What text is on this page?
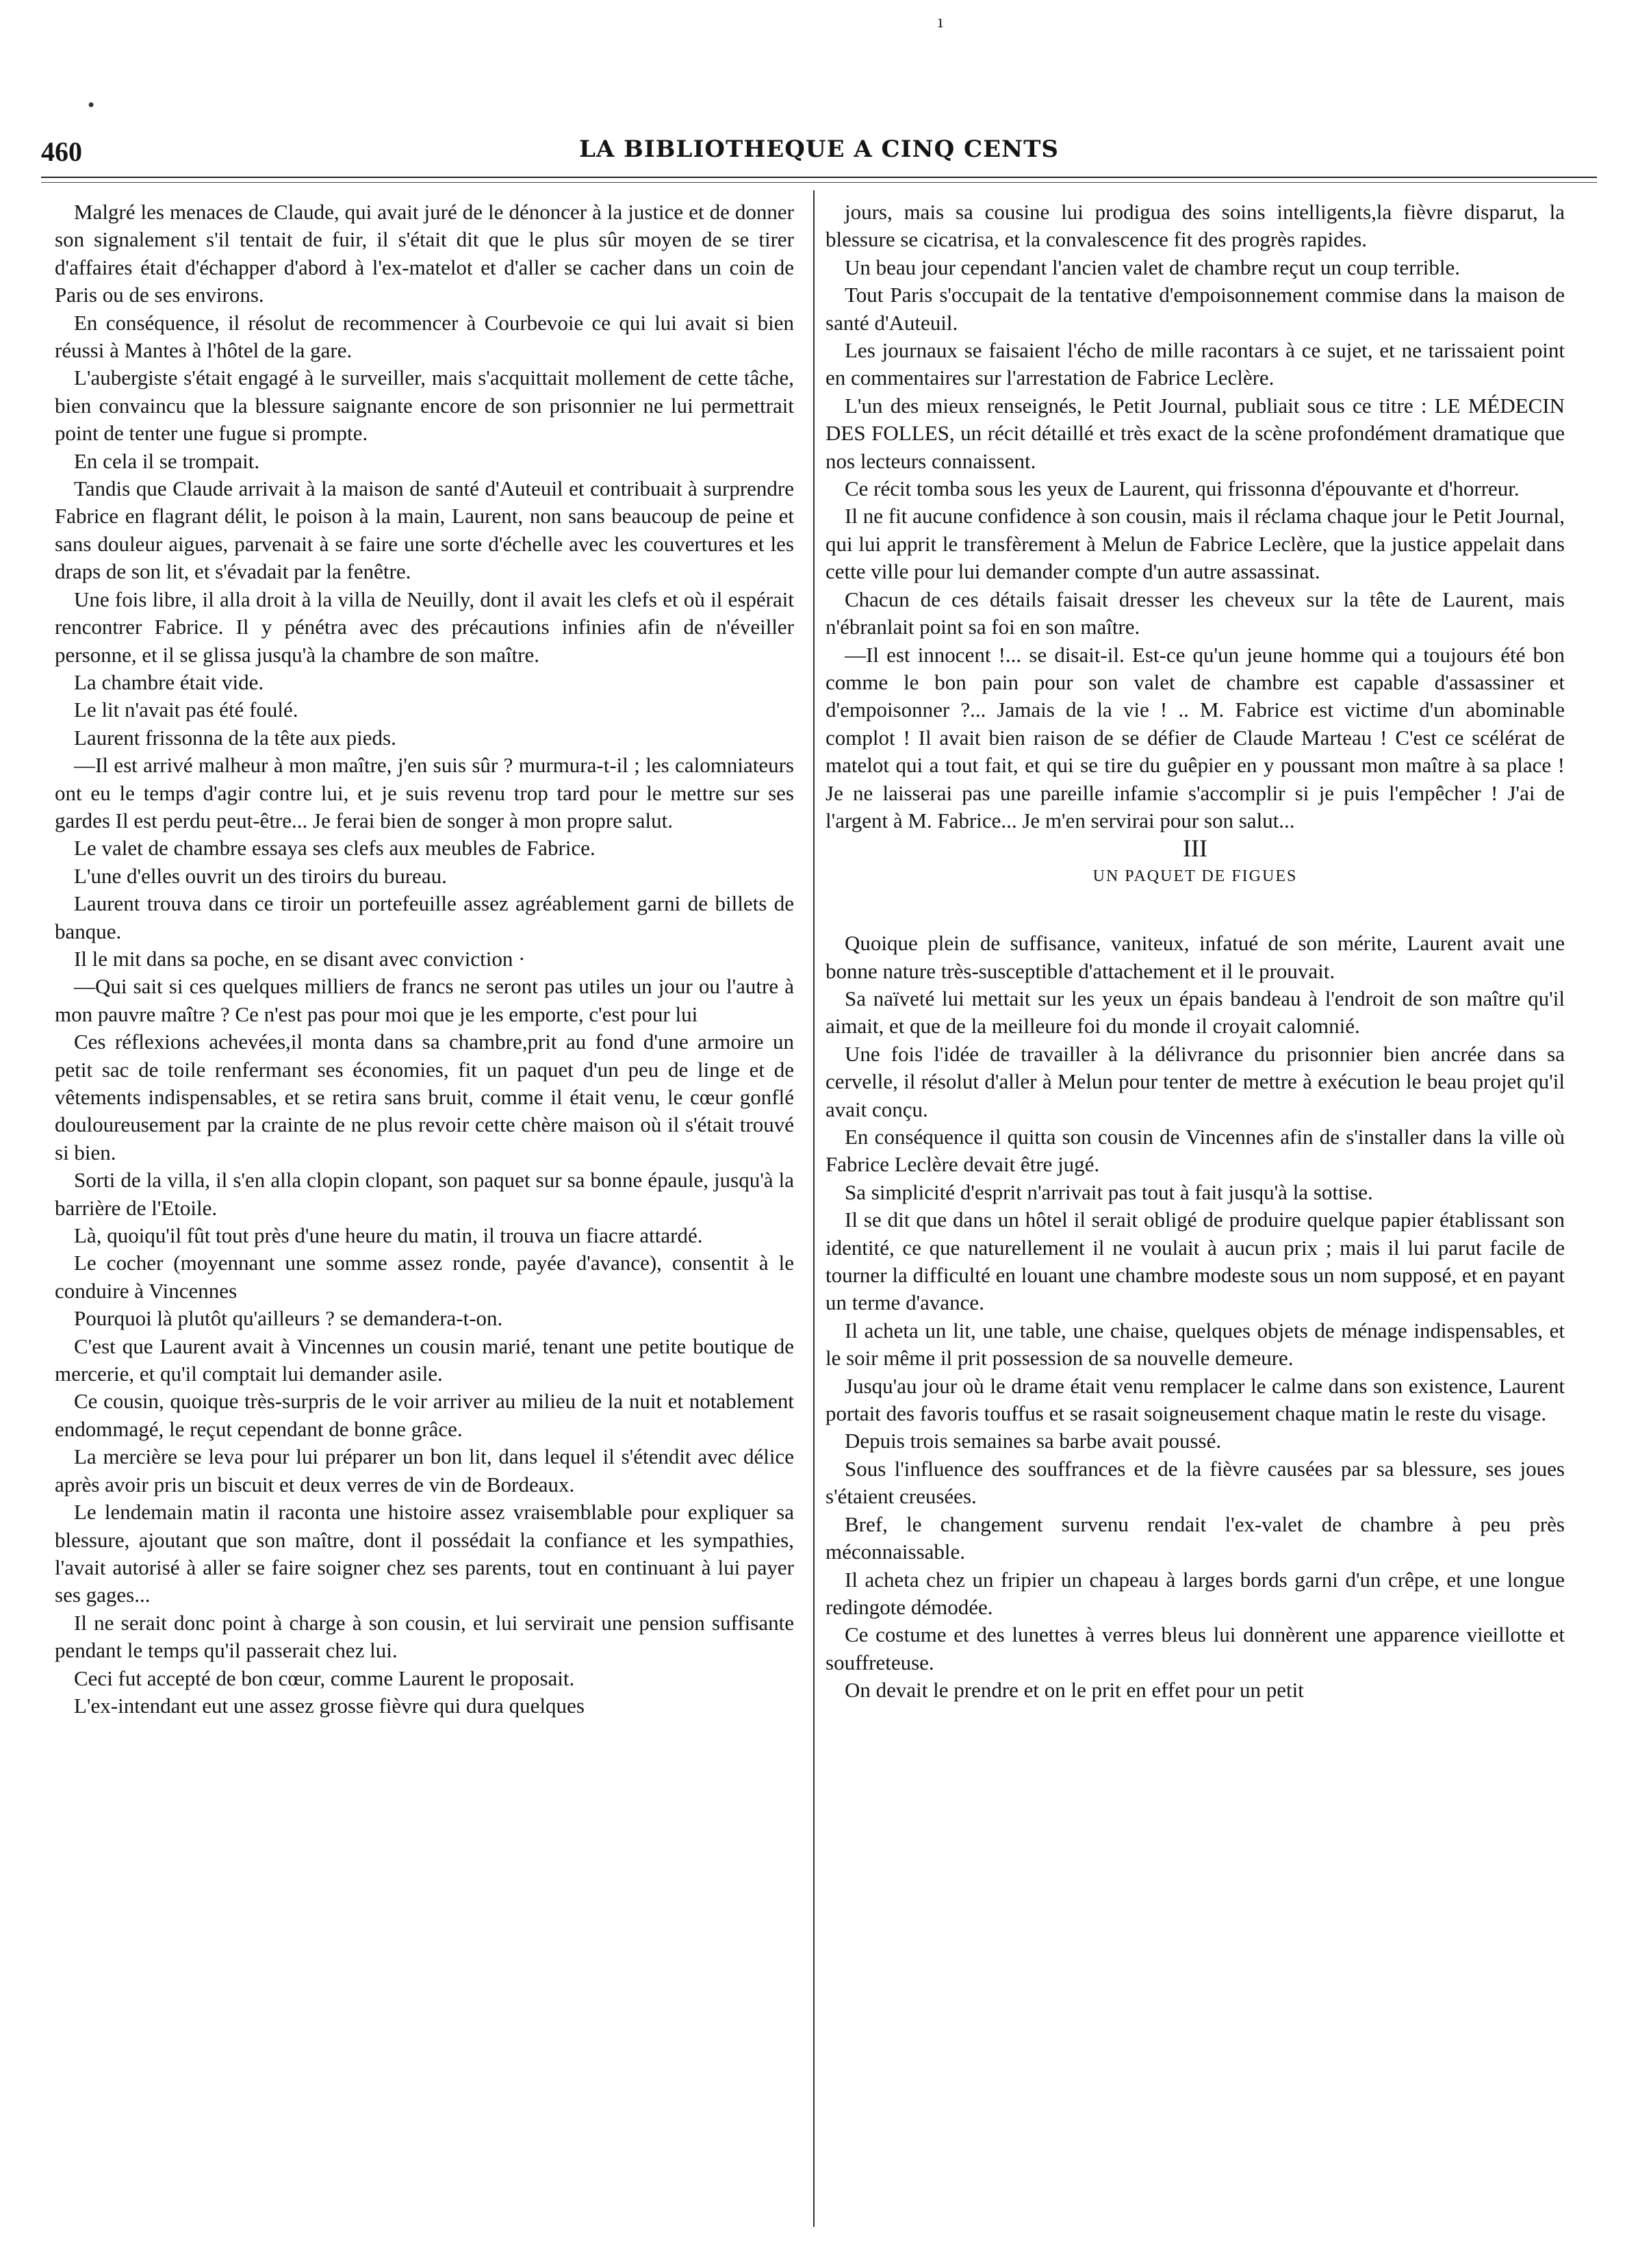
ı
•
460	LA BIBLIOTHEQUE A CINQ CENTS

Malgré les menaces de Claude, qui avait juré de le dénoncer à la justice et de donner son signalement s'il tentait de fuir, il s'était dit que le plus sûr moyen de se tirer d'affaires était d'échapper d'abord à l'ex-matelot et d'aller se cacher dans un coin de Paris ou de ses environs.

En conséquence, il résolut de recommencer à Courbevoie ce qui lui avait si bien réussi à Mantes à l'hôtel de la gare.

L'aubergiste s'était engagé à le surveiller, mais s'acquittait mollement de cette tâche, bien convaincu que la blessure saignante encore de son prisonnier ne lui permettrait point de tenter une fugue si prompte.

En cela il se trompait.

Tandis que Claude arrivait à la maison de santé d'Auteuil et contribuait à surprendre Fabrice en flagrant délit, le poison à la main, Laurent, non sans beaucoup de peine et sans douleur aigues, parvenait à se faire une sorte d'échelle avec les couvertures et les draps de son lit, et s'évadait par la fenêtre.

Une fois libre, il alla droit à la villa de Neuilly, dont il avait les clefs et où il espérait rencontrer Fabrice. Il y pénétra avec des précautions infinies afin de n'éveiller personne, et il se glissa jusqu'à la chambre de son maître.

La chambre était vide.

Le lit n'avait pas été foulé.

Laurent frissonna de la tête aux pieds.

—Il est arrivé malheur à mon maître, j'en suis sûr ? murmura-t-il ; les calomniateurs ont eu le temps d'agir contre lui, et je suis revenu trop tard pour le mettre sur ses gardes Il est perdu peut-être... Je ferai bien de songer à mon propre salut.

Le valet de chambre essaya ses clefs aux meubles de Fabrice.

L'une d'elles ouvrit un des tiroirs du bureau.

Laurent trouva dans ce tiroir un portefeuille assez agréablement garni de billets de banque.

Il le mit dans sa poche, en se disant avec conviction ·

—Qui sait si ces quelques milliers de francs ne seront pas utiles un jour ou l'autre à mon pauvre maître ? Ce n'est pas pour moi que je les emporte, c'est pour lui

Ces réflexions achevées,il monta dans sa chambre,prit au fond d'une armoire un petit sac de toile renfermant ses économies, fit un paquet d'un peu de linge et de vêtements indispensables, et se retira sans bruit, comme il était venu, le cœur gonflé douloureusement par la crainte de ne plus revoir cette chère maison où il s'était trouvé si bien.

Sorti de la villa, il s'en alla clopin clopant, son paquet sur sa bonne épaule, jusqu'à la barrière de l'Etoile.

Là, quoiqu'il fût tout près d'une heure du matin, il trouva un fiacre attardé.

Le cocher (moyennant une somme assez ronde, payée d'avance), consentit à le conduire à Vincennes

Pourquoi là plutôt qu'ailleurs ? se demandera-t-on.

C'est que Laurent avait à Vincennes un cousin marié, tenant une petite boutique de mercerie, et qu'il comptait lui demander asile.

Ce cousin, quoique très-surpris de le voir arriver au milieu de la nuit et notablement endommagé, le reçut cependant de bonne grâce.

La mercière se leva pour lui préparer un bon lit, dans lequel il s'étendit avec délice après avoir pris un biscuit et deux verres de vin de Bordeaux.

Le lendemain matin il raconta une histoire assez vraisemblable pour expliquer sa blessure, ajoutant que son maître, dont il possédait la confiance et les sympathies, l'avait autorisé à aller se faire soigner chez ses parents, tout en continuant à lui payer ses gages...

Il ne serait donc point à charge à son cousin, et lui servirait une pension suffisante pendant le temps qu'il passerait chez lui.

Ceci fut accepté de bon cœur, comme Laurent le proposait.

L'ex-intendant eut une assez grosse fièvre qui dura quelques

jours, mais sa cousine lui prodigua des soins intelligents,la fièvre disparut, la blessure se cicatrisa, et la convalescence fit des progrès rapides.

Un beau jour cependant l'ancien valet de chambre reçut un coup terrible.

Tout Paris s'occupait de la tentative d'empoisonnement commise dans la maison de santé d'Auteuil.

Les journaux se faisaient l'écho de mille racontars à ce sujet, et ne tarissaient point en commentaires sur l'arrestation de Fabrice Leclère.

L'un des mieux renseignés, le Petit Journal, publiait sous ce titre : LE MÉDECIN DES FOLLES, un récit détaillé et très exact de la scène profondément dramatique que nos lecteurs connaissent.

Ce récit tomba sous les yeux de Laurent, qui frissonna d'épouvante et d'horreur.

Il ne fit aucune confidence à son cousin, mais il réclama chaque jour le Petit Journal, qui lui apprit le transfèrement à Melun de Fabrice Leclère, que la justice appelait dans cette ville pour lui demander compte d'un autre assassinat.

Chacun de ces détails faisait dresser les cheveux sur la tête de Laurent, mais n'ébranlait point sa foi en son maître.

—Il est innocent !... se disait-il. Est-ce qu'un jeune homme qui a toujours été bon comme le bon pain pour son valet de chambre est capable d'assassiner et d'empoisonner ?... Jamais de la vie ! .. M. Fabrice est victime d'un abominable complot ! Il avait bien raison de se défier de Claude Marteau ! C'est ce scélérat de matelot qui a tout fait, et qui se tire du guêpier en y poussant mon maître à sa place ! Je ne laisserai pas une pareille infamie s'accomplir si je puis l'empêcher ! J'ai de l'argent à M. Fabrice... Je m'en servirai pour son salut...

III

UN PAQUET DE FIGUES

Quoique plein de suffisance, vaniteux, infatué de son mérite, Laurent avait une bonne nature très-susceptible d'attachement et il le prouvait.

Sa naïveté lui mettait sur les yeux un épais bandeau à l'endroit de son maître qu'il aimait, et que de la meilleure foi du monde il croyait calomnié.

Une fois l'idée de travailler à la délivrance du prisonnier bien ancrée dans sa cervelle, il résolut d'aller à Melun pour tenter de mettre à exécution le beau projet qu'il avait conçu.

En conséquence il quitta son cousin de Vincennes afin de s'installer dans la ville où Fabrice Leclère devait être jugé.

Sa simplicité d'esprit n'arrivait pas tout à fait jusqu'à la sottise.

Il se dit que dans un hôtel il serait obligé de produire quelque papier établissant son identité, ce que naturellement il ne voulait à aucun prix ; mais il lui parut facile de tourner la difficulté en louant une chambre modeste sous un nom supposé, et en payant un terme d'avance.

Il acheta un lit, une table, une chaise, quelques objets de ménage indispensables, et le soir même il prit possession de sa nouvelle demeure.

Jusqu'au jour où le drame était venu remplacer le calme dans son existence, Laurent portait des favoris touffus et se rasait soigneusement chaque matin le reste du visage.

Depuis trois semaines sa barbe avait poussé.

Sous l'influence des souffrances et de la fièvre causées par sa blessure, ses joues s'étaient creusées.

Bref, le changement survenu rendait l'ex-valet de chambre à peu près méconnaissable.

Il acheta chez un fripier un chapeau à larges bords garni d'un crêpe, et une longue redingote démodée.

Ce costume et des lunettes à verres bleus lui donnèrent une apparence vieillotte et souffreteuse.

On devait le prendre et on le prit en effet pour un petit
